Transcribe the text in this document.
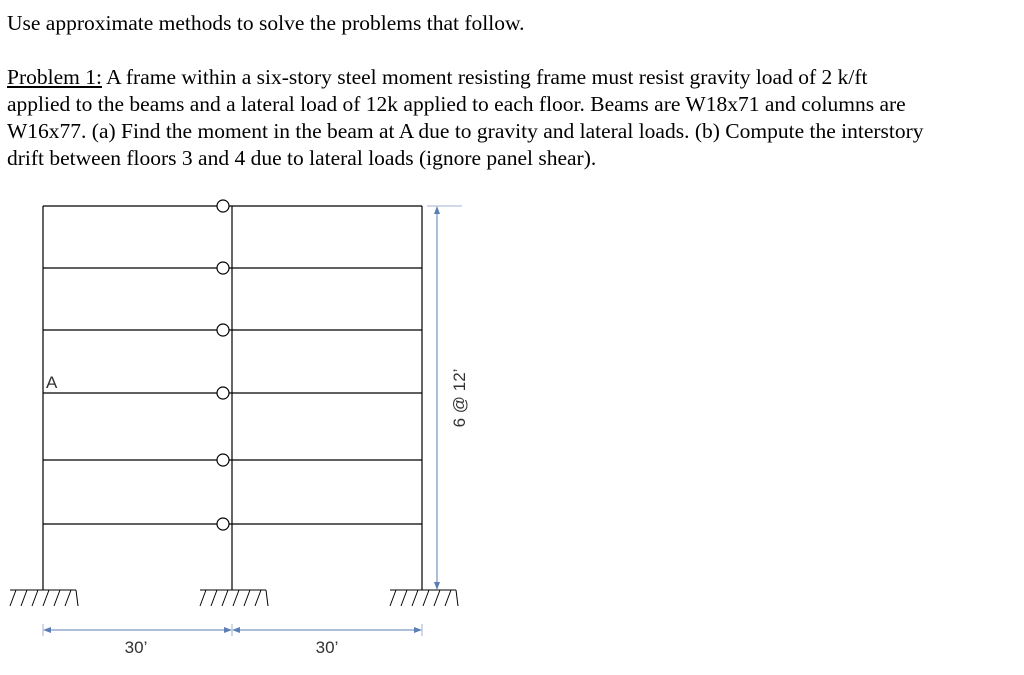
Use approximate methods to solve the problems that follow.
Problem 1: A frame within a six-story steel moment resisting frame must resist gravity load of 2 k/ft
applied to the beams and a lateral load of 12k applied to each floor. Beams are W18x71 and columns are
W16x77. (a) Find the moment in the beam at A due to gravity and lateral loads. (b) Compute the interstory
drift between floors 3 and 4 due to lateral loads (ignore panel shear).
A	6 @ 12’
30’	30’
